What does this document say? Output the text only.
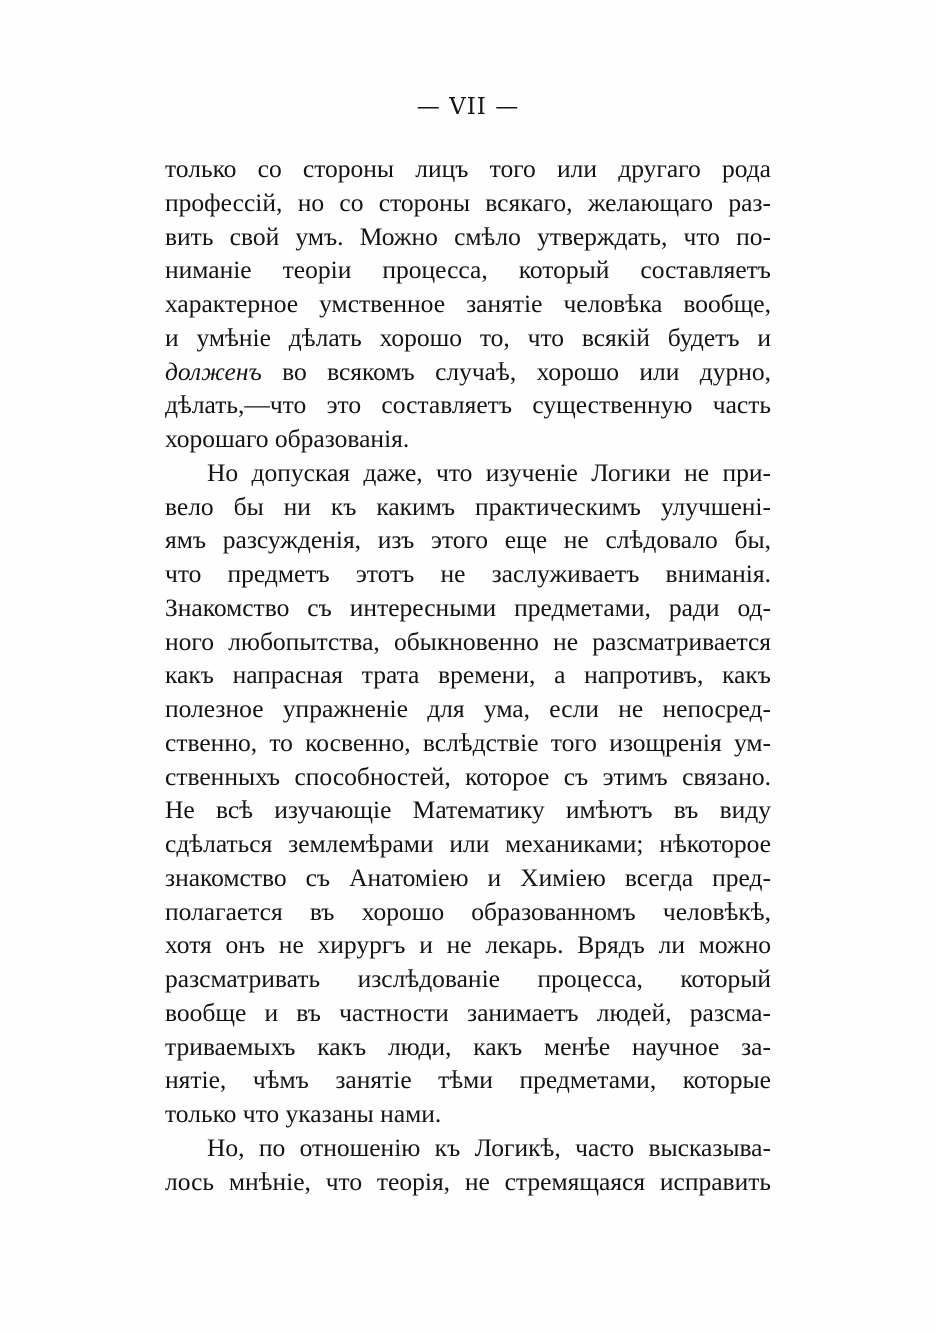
— VII —
только со стороны лицъ того или другаго рода
профессій, но со стороны всякаго, желающаго раз-
вить свой умъ. Можно смѣло утверждать, что по-
ниманіе теоріи процесса, который составляетъ
характерное умственное занятіе человѣка вообще,
и умѣніе дѣлать хорошо то, что всякій будетъ и
долженъ во всякомъ случаѣ, хорошо или дурно,
дѣлать,—что это составляетъ существенную часть
хорошаго образованія.
Но допуская даже, что изученіе Логики не при-
вело бы ни къ какимъ практическимъ улучшені-
ямъ разсужденія, изъ этого еще не слѣдовало бы,
что предметъ этотъ не заслуживаетъ вниманія.
Знакомство съ интересными предметами, ради од-
ного любопытства, обыкновенно не разсматривается
какъ напрасная трата времени, а напротивъ, какъ
полезное упражненіе для ума, если не непосред-
ственно, то косвенно, вслѣдствіе того изощренія ум-
ственныхъ способностей, которое съ этимъ связано.
Не всѣ изучающіе Математику имѣютъ въ виду
сдѣлаться землемѣрами или механиками; нѣкоторое
знакомство съ Анатоміею и Химіею всегда пред-
полагается въ хорошо образованномъ человѣкѣ,
хотя онъ не хирургъ и не лекарь. Врядъ ли можно
разсматривать изслѣдованіе процесса, который
вообще и въ частности занимаетъ людей, разсма-
триваемыхъ какъ люди, какъ менѣе научное за-
нятіе, чѣмъ занятіе тѣми предметами, которые
только что указаны нами.
Но, по отношенію къ Логикѣ, часто высказыва-
лось мнѣніе, что теорія, не стремящаяся исправить
